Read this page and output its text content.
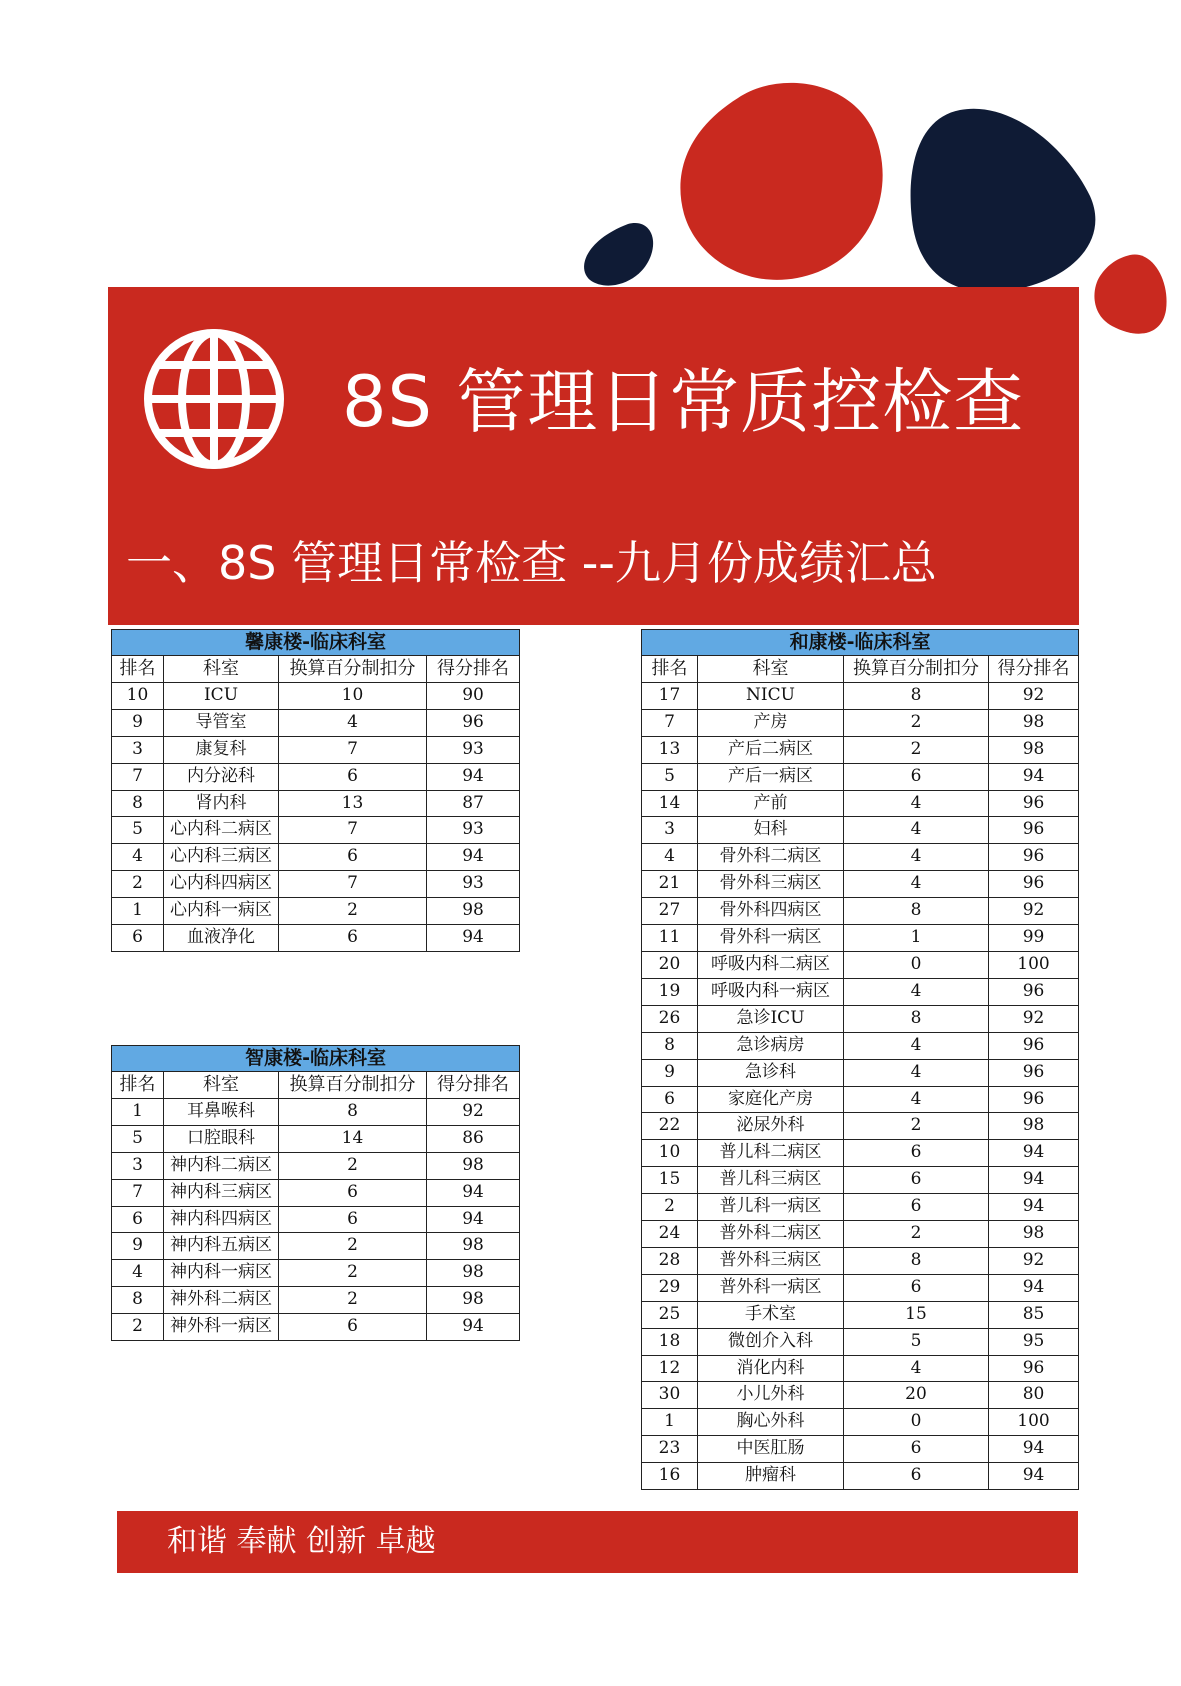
8S 管理日常质控检查
一、8S 管理日常检查 --九月份成绩汇总
馨康楼-临床科室			
排名	科室	换算百分制扣分	得分排名
10	ICU	10	90
9	导管室	4	96
3	康复科	7	93
7	内分泌科	6	94
8	肾内科	13	87
5	心内科二病区	7	93
4	心内科三病区	6	94
2	心内科四病区	7	93
1	心内科一病区	2	98
6	血液净化	6	94
智康楼-临床科室			
排名	科室	换算百分制扣分	得分排名
1	耳鼻喉科	8	92
5	口腔眼科	14	86
3	神内科二病区	2	98
7	神内科三病区	6	94
6	神内科四病区	6	94
9	神内科五病区	2	98
4	神内科一病区	2	98
8	神外科二病区	2	98
2	神外科一病区	6	94
和康楼-临床科室			
排名	科室	换算百分制扣分	得分排名
17	NICU	8	92
7	产房	2	98
13	产后二病区	2	98
5	产后一病区	6	94
14	产前	4	96
3	妇科	4	96
4	骨外科二病区	4	96
21	骨外科三病区	4	96
27	骨外科四病区	8	92
11	骨外科一病区	1	99
20	呼吸内科二病区	0	100
19	呼吸内科一病区	4	96
26	急诊ICU	8	92
8	急诊病房	4	96
9	急诊科	4	96
6	家庭化产房	4	96
22	泌尿外科	2	98
10	普儿科二病区	6	94
15	普儿科三病区	6	94
2	普儿科一病区	6	94
24	普外科二病区	2	98
28	普外科三病区	8	92
29	普外科一病区	6	94
25	手术室	15	85
18	微创介入科	5	95
12	消化内科	4	96
30	小儿外科	20	80
1	胸心外科	0	100
23	中医肛肠	6	94
16	肿瘤科	6	94
和谐 奉献 创新 卓越
